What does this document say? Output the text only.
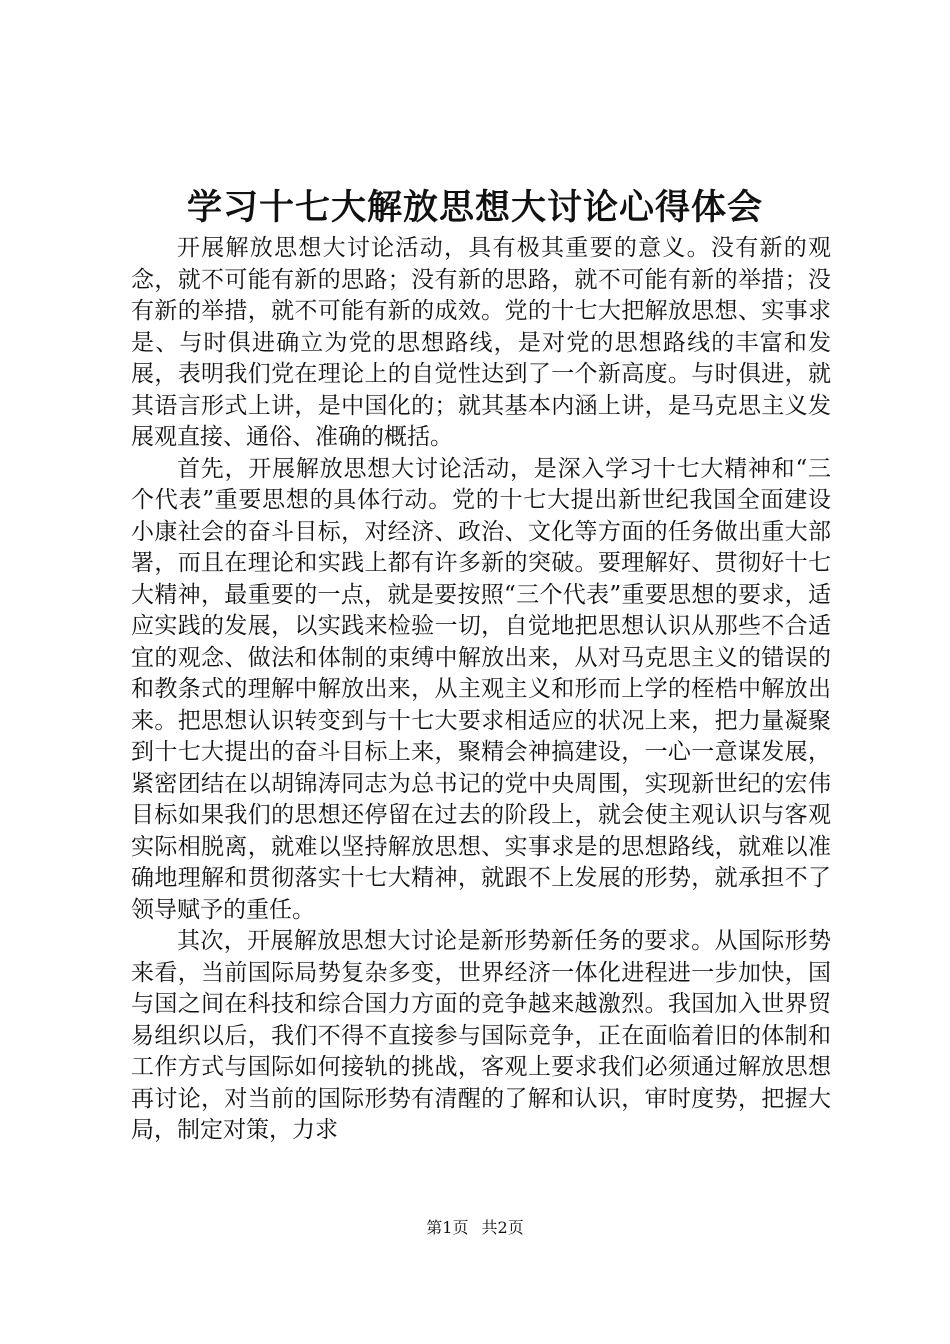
学习十七大解放思想大讨论心得体会

开展解放思想大讨论活动，具有极其重要的意义。没有新的观念，就不可能有新的思路；没有新的思路，就不可能有新的举措；没有新的举措，就不可能有新的成效。党的十七大把解放思想、实事求是、与时俱进确立为党的思想路线，是对党的思想路线的丰富和发展，表明我们党在理论上的自觉性达到了一个新高度。与时俱进，就其语言形式上讲，是中国化的；就其基本内涵上讲，是马克思主义发展观直接、通俗、准确的概括。

首先，开展解放思想大讨论活动，是深入学习十七大精神和“三个代表”重要思想的具体行动。党的十七大提出新世纪我国全面建设小康社会的奋斗目标，对经济、政治、文化等方面的任务做出重大部署，而且在理论和实践上都有许多新的突破。要理解好、贯彻好十七大精神，最重要的一点，就是要按照“三个代表”重要思想的要求，适应实践的发展，以实践来检验一切，自觉地把思想认识从那些不合适宜的观念、做法和体制的束缚中解放出来，从对马克思主义的错误的和教条式的理解中解放出来，从主观主义和形而上学的桎梏中解放出来。把思想认识转变到与十七大要求相适应的状况上来，把力量凝聚到十七大提出的奋斗目标上来，聚精会神搞建设，一心一意谋发展，紧密团结在以胡锦涛同志为总书记的党中央周围，实现新世纪的宏伟目标如果我们的思想还停留在过去的阶段上，就会使主观认识与客观实际相脱离，就难以坚持解放思想、实事求是的思想路线，就难以准确地理解和贯彻落实十七大精神，就跟不上发展的形势，就承担不了领导赋予的重任。

其次，开展解放思想大讨论是新形势新任务的要求。从国际形势来看，当前国际局势复杂多变，世界经济一体化进程进一步加快，国与国之间在科技和综合国力方面的竞争越来越激烈。我国加入世界贸易组织以后，我们不得不直接参与国际竞争，正在面临着旧的体制和工作方式与国际如何接轨的挑战，客观上要求我们必须通过解放思想再讨论，对当前的国际形势有清醒的了解和认识，审时度势，把握大局，制定对策，力求

第1页 共2页
